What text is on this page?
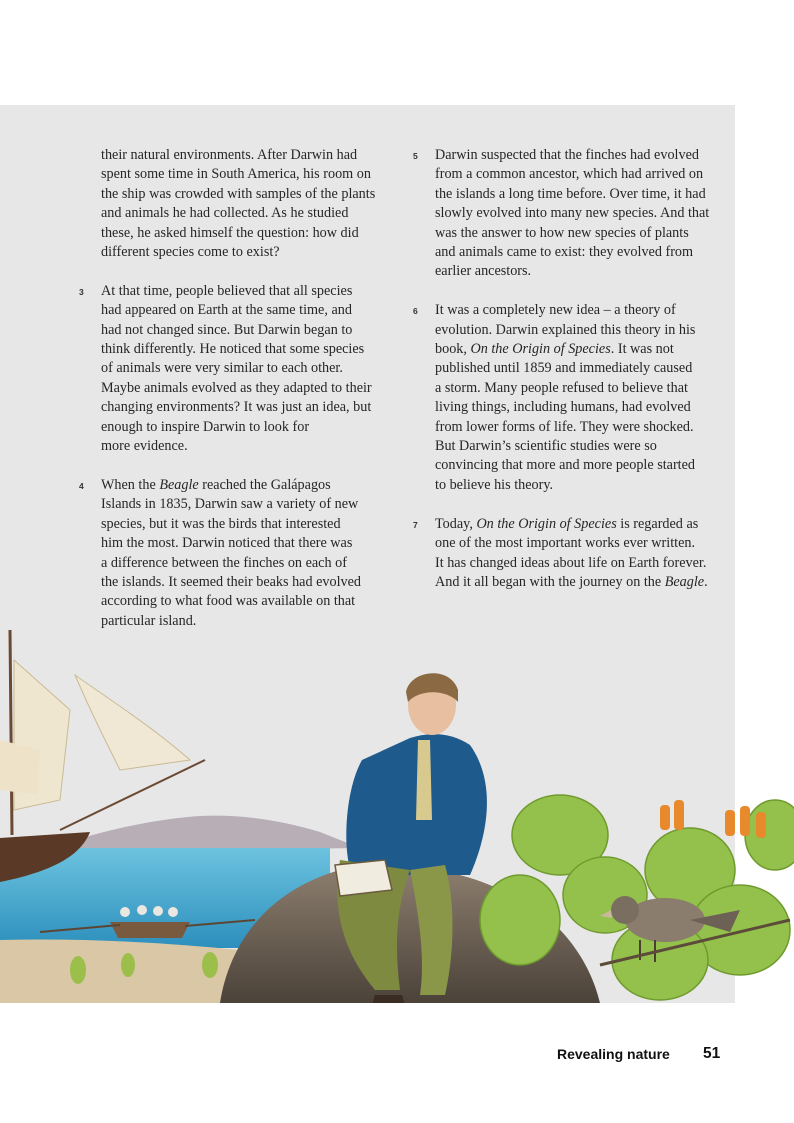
their natural environments. After Darwin had
spent some time in South America, his room on
the ship was crowded with samples of the plants
and animals he had collected. As he studied
these, he asked himself the question: how did
different species come to exist?
3 At that time, people believed that all species
had appeared on Earth at the same time, and
had not changed since. But Darwin began to
think differently. He noticed that some species
of animals were very similar to each other.
Maybe animals evolved as they adapted to their
changing environments? It was just an idea, but
enough to inspire Darwin to look for
more evidence.
4 When the Beagle reached the Galápagos
Islands in 1835, Darwin saw a variety of new
species, but it was the birds that interested
him the most. Darwin noticed that there was
a difference between the finches on each of
the islands. It seemed their beaks had evolved
according to what food was available on that
particular island.
5 Darwin suspected that the finches had evolved
from a common ancestor, which had arrived on
the islands a long time before. Over time, it had
slowly evolved into many new species. And that
was the answer to how new species of plants
and animals came to exist: they evolved from
earlier ancestors.
6 It was a completely new idea – a theory of
evolution. Darwin explained this theory in his
book, On the Origin of Species. It was not
published until 1859 and immediately caused
a storm. Many people refused to believe that
living things, including humans, had evolved
from lower forms of life. They were shocked.
But Darwin’s scientific studies were so
convincing that more and more people started
to believe his theory.
7 Today, On the Origin of Species is regarded as
one of the most important works ever written.
It has changed ideas about life on Earth forever.
And it all began with the journey on the Beagle.
Revealing nature 51
